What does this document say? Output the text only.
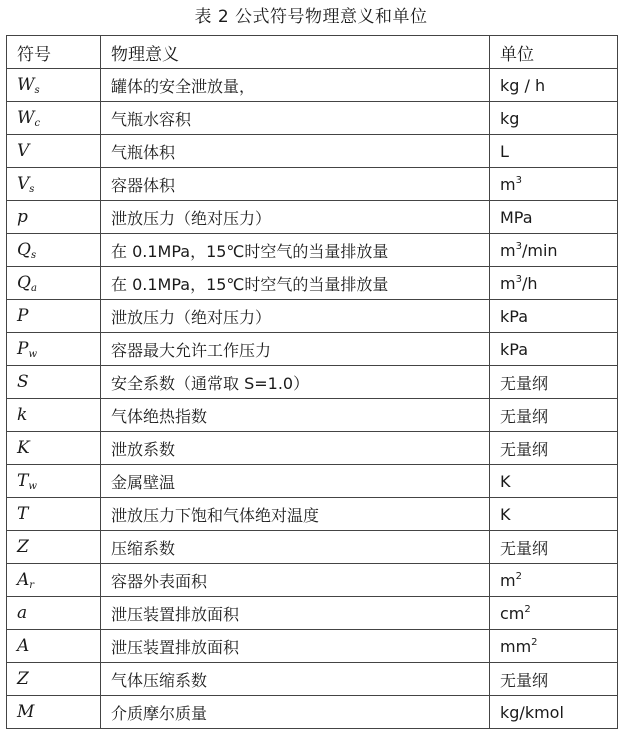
表 2 公式符号物理意义和单位
符号	物理意义	单位
$W_s$	罐体的安全泄放量，	kg / h
$W_c$	气瓶水容积	kg
V	气瓶体积	L
$V_s$	容器体积	$m^3$
p	泄放压力（绝对压力）	MPa
$Q_s$	在 0.1MPa，15℃时空气的当量排放量	$m^3/\min$
$Q_a$	在 0.1MPa，15℃时空气的当量排放量	$m^3/h$
P	泄放压力（绝对压力）	kPa
$P_w$	容器最大允许工作压力	kPa
S	安全系数（通常取 S=1.0）	无量纲
k	气体绝热指数	无量纲
K	泄放系数	无量纲
$T_w$	金属壁温	K
T	泄放压力下饱和气体绝对温度	K
Z	压缩系数	无量纲
$A_r$	容器外表面积	$m^2$
a	泄压装置排放面积	$cm^2$
A	泄压装置排放面积	$mm^2$
Z	气体压缩系数	无量纲
M	介质摩尔质量	kg/kmol
